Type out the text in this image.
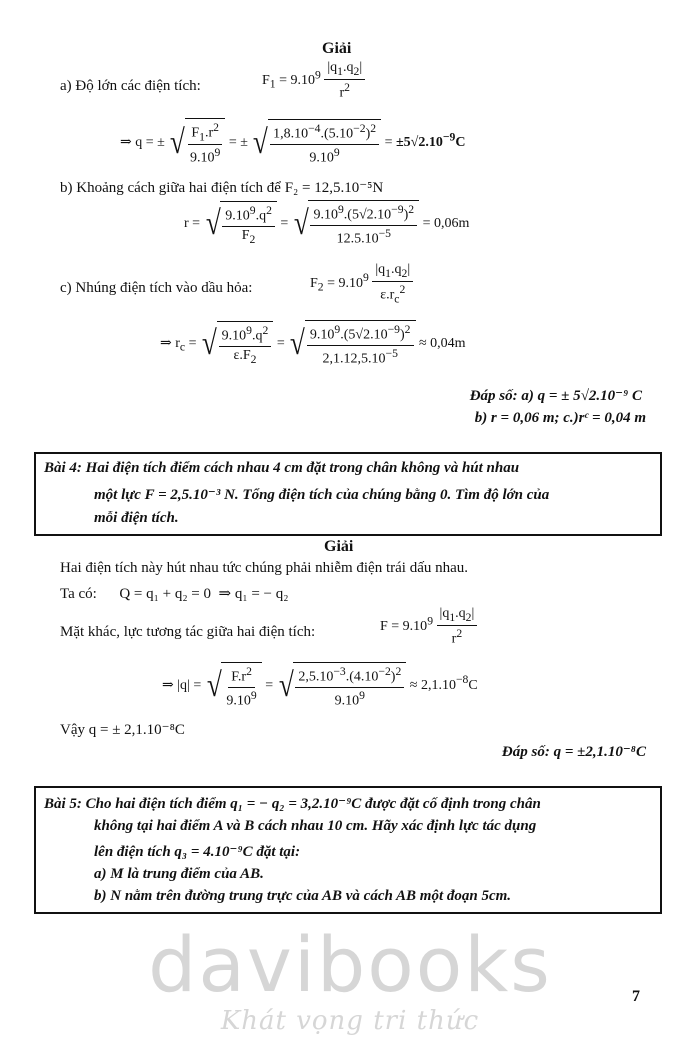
Giải
a) Độ lớn các điện tích:	$F_1 = 9.10^9 \frac{|q_1.q_2|}{r^2}$
⇒ q = ± √ $\frac{F_1.r^2}{9.10^9}$ = ± √ $\frac{1,8.10^{-4}.(5.10^{-2})^2}{9.10^9} = \pm 5√2.10^{-9}C$
b) Khoảng cách giữa hai điện tích để F₂ = 12,5.10⁻⁵N
r = √ $\frac{9.10^9.q^2}{F_2}$ = √ $\frac{9.10^9.(5√2.10^{-9})^2}{12.5.10^{-5}} = 0,06m$
c) Nhúng điện tích vào dầu hỏa:	$F_2 = 9.10^9 \frac{|q_1.q_2|}{\varepsilon.r_c^2}$
⇒ $r_c$ = √ $\frac{9.10^9.q^2}{\varepsilon.F_2}$ = √ $\frac{9.10^9.(5√2.10^{-9})^2}{2,1.12,5.10^{-5}} \approx 0,04m$
Đáp số: a) q = ± 5√2.10⁻⁹ C
b) r = 0,06 m; c.)rᶜ = 0,04 m
Bài 4: Hai điện tích điểm cách nhau 4 cm đặt trong chân không và hút nhau
một lực F = 2,5.10⁻³ N. Tổng điện tích của chúng bằng 0. Tìm độ lớn của
mỗi điện tích.
Giải
Hai điện tích này hút nhau tức chúng phải nhiễm điện trái dấu nhau.
Ta có:      Q = q₁ + q₂ = 0  ⇒ q₁ = − q₂
Mặt khác, lực tương tác giữa hai điện tích:	$F = 9.10^9 \frac{|q_1.q_2|}{r^2}$
⇒ |q| = √ $\frac{F.r^2}{9.10^9}$ = √ $\frac{2,5.10^{-3}.(4.10^{-2})^2}{9.10^9} \approx 2,1.10^{-8}C$
Vậy q = ± 2,1.10⁻⁸C
Đáp số: q = ±2,1.10⁻⁸C
Bài 5: Cho hai điện tích điểm q₁ = − q₂ = 3,2.10⁻⁹C được đặt cố định trong chân
không tại hai điểm A và B cách nhau 10 cm. Hãy xác định lực tác dụng
lên điện tích q₃ = 4.10⁻⁹C đặt tại:
a) M là trung điểm của AB.
b) N nằm trên đường trung trực của AB và cách AB một đoạn 5cm.
davibooks
Khát vọng tri thức
7
